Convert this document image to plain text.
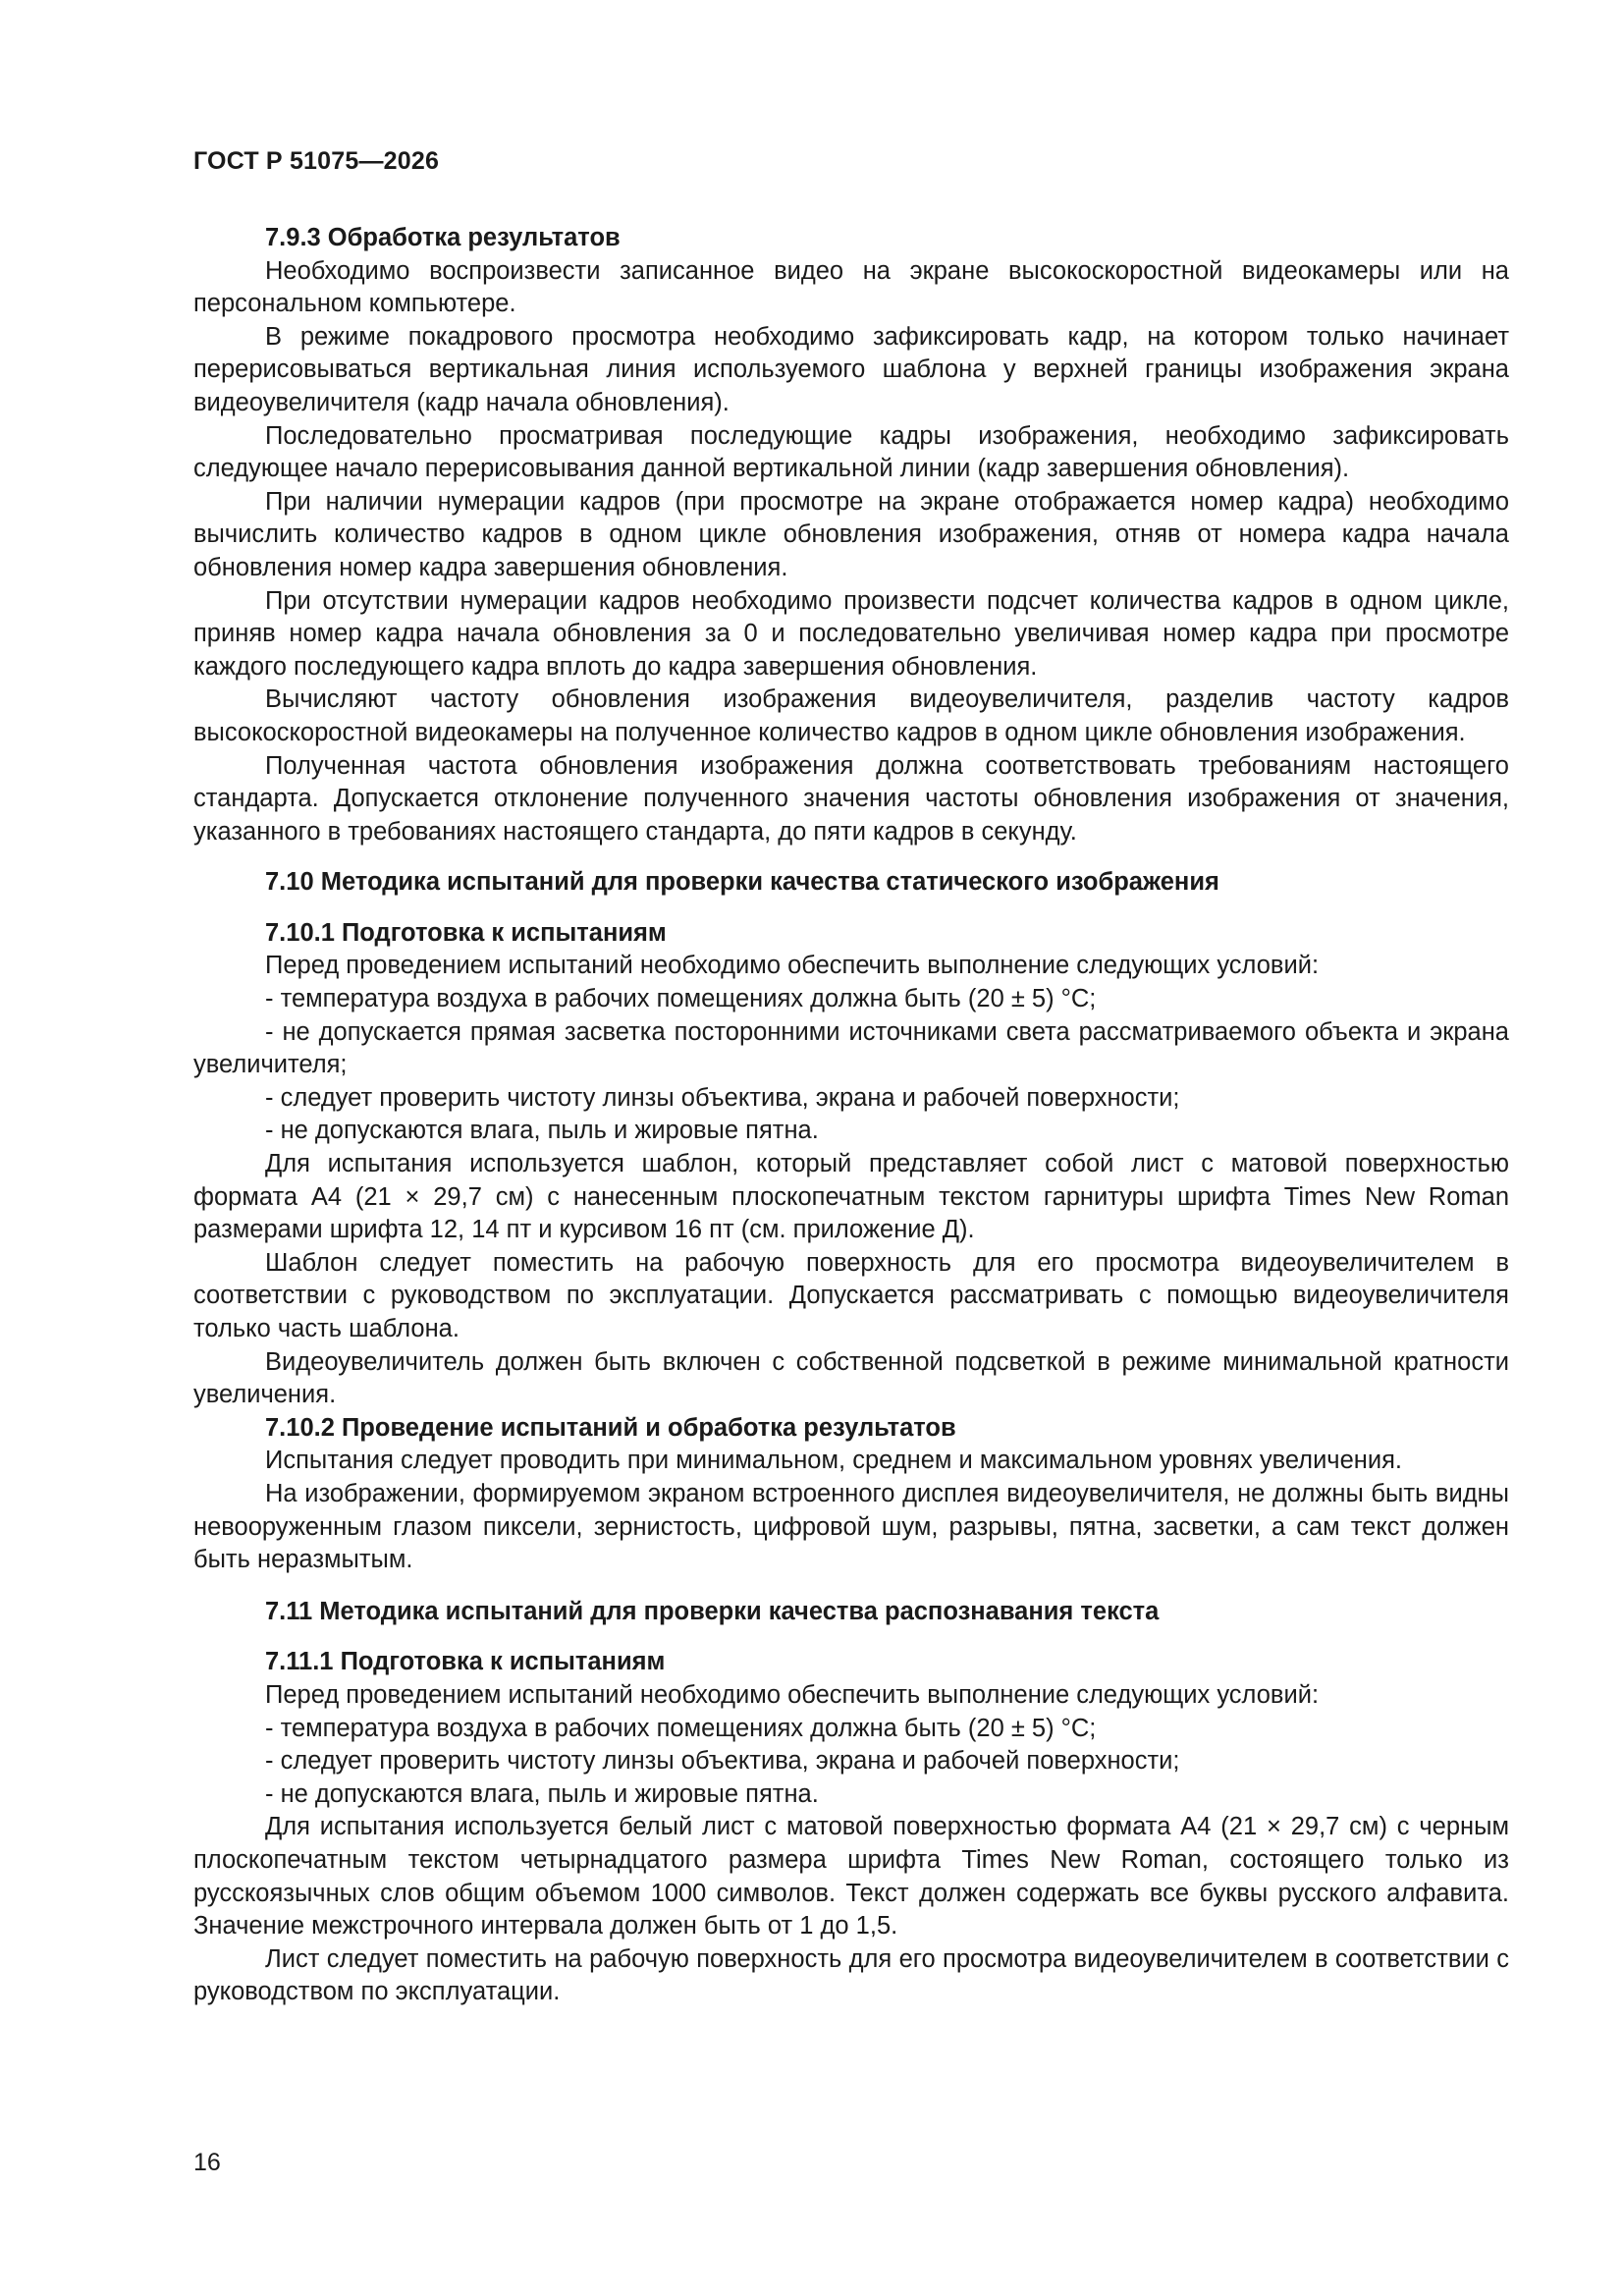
ГОСТ Р 51075—2026

7.9.3 Обработка результатов

Необходимо воспроизвести записанное видео на экране высокоскоростной видеокамеры или на персональном компьютере.

В режиме покадрового просмотра необходимо зафиксировать кадр, на котором только начинает перерисовываться вертикальная линия используемого шаблона у верхней границы изображения экрана видеоувеличителя (кадр начала обновления).

Последовательно просматривая последующие кадры изображения, необходимо зафиксировать следующее начало перерисовывания данной вертикальной линии (кадр завершения обновления).

При наличии нумерации кадров (при просмотре на экране отображается номер кадра) необходимо вычислить количество кадров в одном цикле обновления изображения, отняв от номера кадра начала обновления номер кадра завершения обновления.

При отсутствии нумерации кадров необходимо произвести подсчет количества кадров в одном цикле, приняв номер кадра начала обновления за 0 и последовательно увеличивая номер кадра при просмотре каждого последующего кадра вплоть до кадра завершения обновления.

Вычисляют частоту обновления изображения видеоувеличителя, разделив частоту кадров высокоскоростной видеокамеры на полученное количество кадров в одном цикле обновления изображения.

Полученная частота обновления изображения должна соответствовать требованиям настоящего стандарта. Допускается отклонение полученного значения частоты обновления изображения от значения, указанного в требованиях настоящего стандарта, до пяти кадров в секунду.

7.10 Методика испытаний для проверки качества статического изображения

7.10.1 Подготовка к испытаниям

Перед проведением испытаний необходимо обеспечить выполнение следующих условий:

- температура воздуха в рабочих помещениях должна быть (20 ± 5) °С;

- не допускается прямая засветка посторонними источниками света рассматриваемого объекта и экрана увеличителя;

- следует проверить чистоту линзы объектива, экрана и рабочей поверхности;

- не допускаются влага, пыль и жировые пятна.

Для испытания используется шаблон, который представляет собой лист с матовой поверхностью формата А4 (21 × 29,7 см) с нанесенным плоскопечатным текстом гарнитуры шрифта Times New Roman размерами шрифта 12, 14 пт и курсивом 16 пт (см. приложение Д).

Шаблон следует поместить на рабочую поверхность для его просмотра видеоувеличителем в соответствии с руководством по эксплуатации. Допускается рассматривать с помощью видеоувеличителя только часть шаблона.

Видеоувеличитель должен быть включен с собственной подсветкой в режиме минимальной кратности увеличения.

7.10.2 Проведение испытаний и обработка результатов

Испытания следует проводить при минимальном, среднем и максимальном уровнях увеличения.

На изображении, формируемом экраном встроенного дисплея видеоувеличителя, не должны быть видны невооруженным глазом пиксели, зернистость, цифровой шум, разрывы, пятна, засветки, а сам текст должен быть неразмытым.

7.11 Методика испытаний для проверки качества распознавания текста

7.11.1 Подготовка к испытаниям

Перед проведением испытаний необходимо обеспечить выполнение следующих условий:

- температура воздуха в рабочих помещениях должна быть (20 ± 5) °С;

- следует проверить чистоту линзы объектива, экрана и рабочей поверхности;

- не допускаются влага, пыль и жировые пятна.

Для испытания используется белый лист с матовой поверхностью формата А4 (21 × 29,7 см) с черным плоскопечатным текстом четырнадцатого размера шрифта Times New Roman, состоящего только из русскоязычных слов общим объемом 1000 символов. Текст должен содержать все буквы русского алфавита. Значение межстрочного интервала должен быть от 1 до 1,5.

Лист следует поместить на рабочую поверхность для его просмотра видеоувеличителем в соответствии с руководством по эксплуатации.

16
